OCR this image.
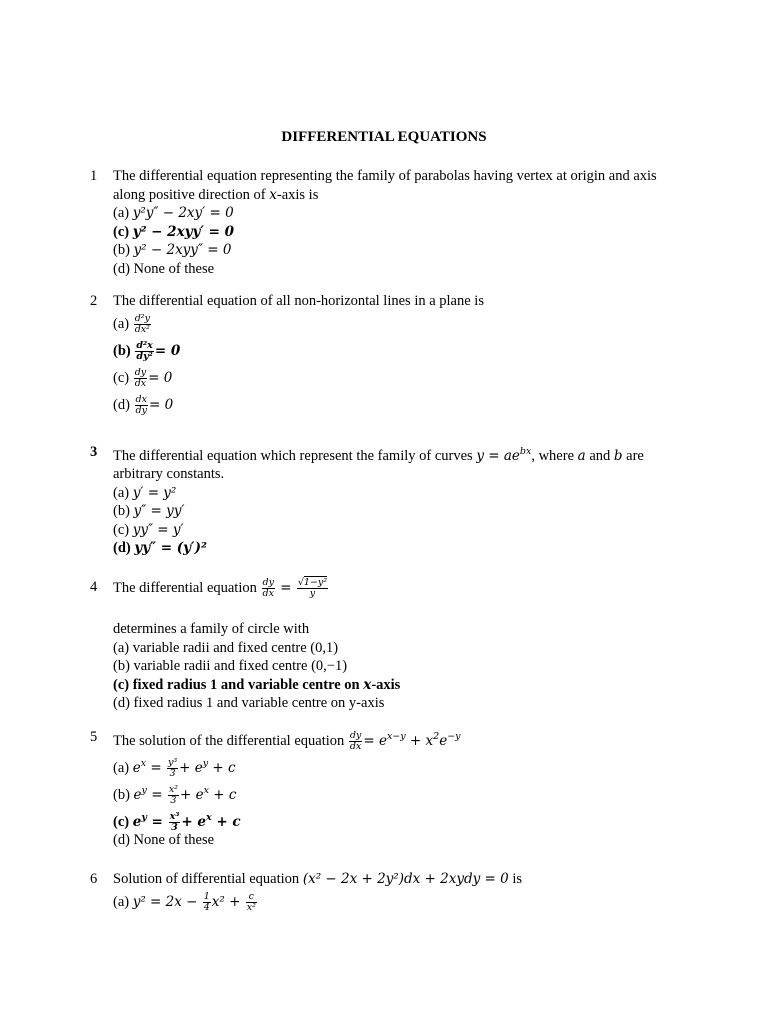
DIFFERENTIAL EQUATIONS
1	The differential equation representing the family of parabolas having vertex at origin and axis
along positive direction of x-axis is
(a) y²y″ − 2xy′ = 0
(c) y² − 2xyy′ = 0
(b) y² − 2xyy″ = 0
(d) None of these
2	The differential equation of all non-horizontal lines in a plane is
$(a) \frac{\text{d²y}}{\text{dx²}}$
$(b) \frac{\text{d²x}}{\text{dy²}} = 0$
$(c) \frac{dy}{dx} = 0$
$(d) \frac{dx}{dy} = 0$
3	The differential equation which represent the family of curves $y = ae^{bx}$, where a and b are
arbitrary constants.
(a) y′ = y²
(b) y″ = yy′
(c) yy″ = y′
(d) yy″ = (y′)²
4	The differential equation $\frac{dy}{dx} = \frac{\text{√1−y²}}{y}$
determines a family of circle with
(a) variable radii and fixed centre (0,1)
(b) variable radii and fixed centre (0,−1)
(c) fixed radius 1 and variable centre on x-axis
(d) fixed radius 1 and variable centre on y-axis
5	The solution of the differential equation $\frac{dy}{dx} = e^{x-y} + x^2e^{-y}$
(a) $e^x = \frac{\text{y³}}{3} + e^y + c$
(b) $e^y = \frac{\text{x²}}{3} + e^x + c$
(c) $e^y = \frac{\text{x³}}{3} + e^x + c$
(d) None of these
6	Solution of differential equation (x² − 2x + 2y²)dx + 2xydy = 0 is
(a) $y^2 = 2x - \frac{1}{4} x^2 + \frac{c}{\text{x²}}$
